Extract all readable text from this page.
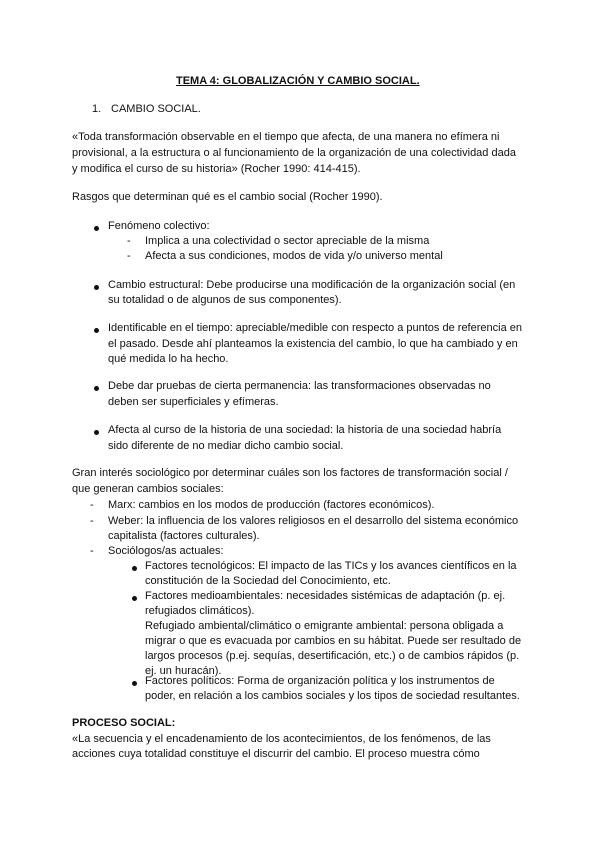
TEMA 4: GLOBALIZACIÓN Y CAMBIO SOCIAL.
1. CAMBIO SOCIAL.
«Toda transformación observable en el tiempo que afecta, de una manera no efímera ni
provisional, a la estructura o al funcionamiento de la organización de una colectividad dada
y modifica el curso de su historia» (Rocher 1990: 414-415).
Rasgos que determinan qué es el cambio social (Rocher 1990).
Fenómeno colectivo:
- Implica a una colectividad o sector apreciable de la misma
- Afecta a sus condiciones, modos de vida y/o universo mental
Cambio estructural: Debe producirse una modificación de la organización social (en
su totalidad o de algunos de sus componentes).
Identificable en el tiempo: apreciable/medible con respecto a puntos de referencia en
el pasado. Desde ahí planteamos la existencia del cambio, lo que ha cambiado y en
qué medida lo ha hecho.
Debe dar pruebas de cierta permanencia: las transformaciones observadas no
deben ser superficiales y efímeras.
Afecta al curso de la historia de una sociedad: la historia de una sociedad habría
sido diferente de no mediar dicho cambio social.
Gran interés sociológico por determinar cuáles son los factores de transformación social /
que generan cambios sociales:
- Marx: cambios en los modos de producción (factores económicos).
- Weber: la influencia de los valores religiosos en el desarrollo del sistema económico
capitalista (factores culturales).
- Sociólogos/as actuales:
Factores tecnológicos: El impacto de las TICs y los avances científicos en la
constitución de la Sociedad del Conocimiento, etc.
Factores medioambientales: necesidades sistémicas de adaptación (p. ej.
refugiados climáticos).
Refugiado ambiental/climático o emigrante ambiental: persona obligada a
migrar o que es evacuada por cambios en su hábitat. Puede ser resultado de
largos procesos (p.ej. sequías, desertificación, etc.) o de cambios rápidos (p.
ej. un huracán).
Factores políticos: Forma de organización política y los instrumentos de
poder, en relación a los cambios sociales y los tipos de sociedad resultantes.
PROCESO SOCIAL:
«La secuencia y el encadenamiento de los acontecimientos, de los fenómenos, de las
acciones cuya totalidad constituye el discurrir del cambio. El proceso muestra cómo
